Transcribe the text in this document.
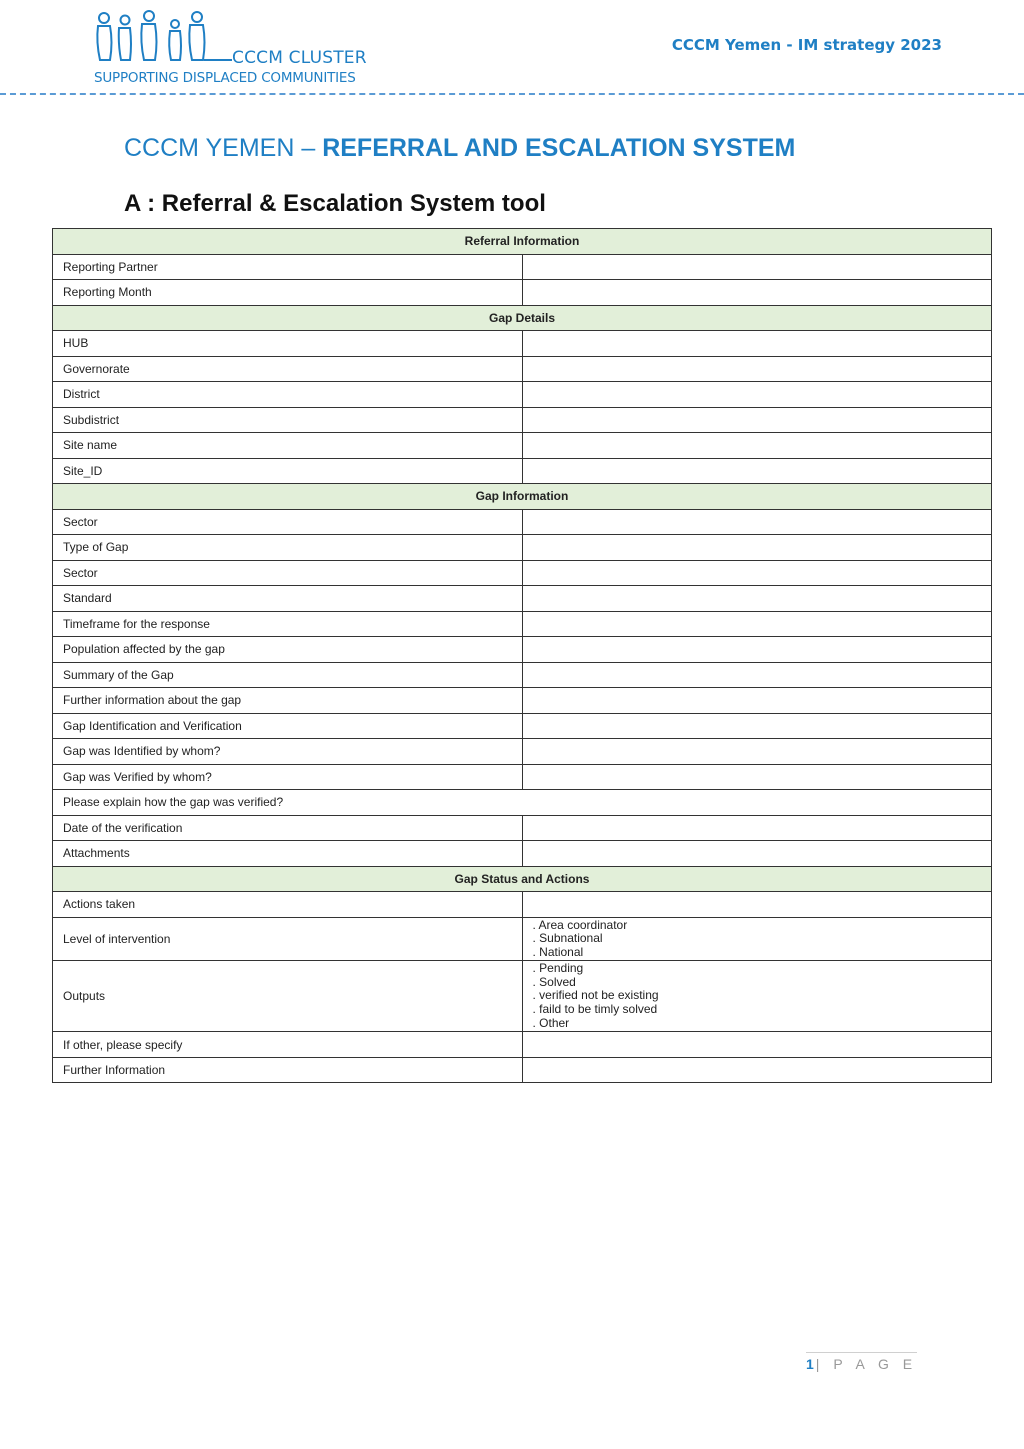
CCCM CLUSTER
SUPPORTING DISPLACED COMMUNITIES
CCCM Yemen - IM strategy 2023
CCCM YEMEN – REFERRAL AND ESCALATION SYSTEM
A : Referral & Escalation System tool
Referral Information	
Reporting Partner	
Reporting Month	
Gap Details	
HUB	
Governorate	
District	
Subdistrict	
Site name	
Site_ID	
Gap Information	
Sector	
Type of Gap	
Sector	
Standard	
Timeframe for the response	
Population affected by the gap	
Summary of the Gap	
Further information about the gap	
Gap Identification and Verification	
Gap was Identified by whom?	
Gap was Verified by whom?	
Please explain how the gap was verified?	
Date of the verification	
Attachments	
Gap Status and Actions	
Actions taken	
Level of intervention	. Area coordinator
. Subnational
. National

Outputs	. Pending
. Solved
. verified not be existing
. faild to be timly solved
. Other

If other, please specify	
Further Information	
1| P A G E
